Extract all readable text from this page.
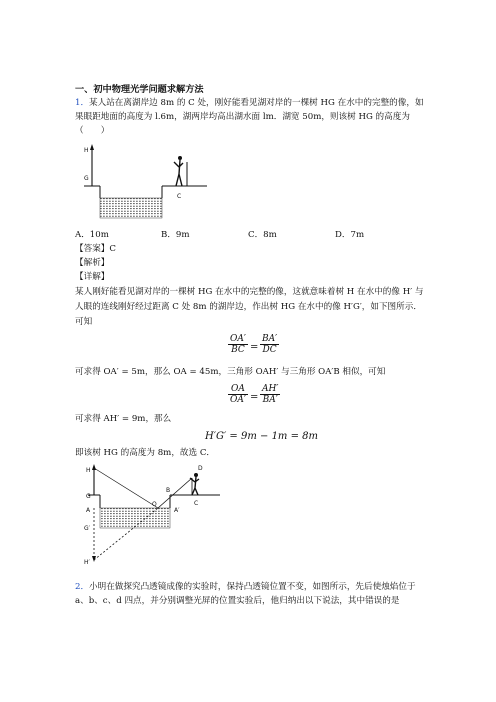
一、初中物理光学问题求解方法
1． 某人站在离湖岸边 8m 的 C 处，刚好能看见湖对岸的一棵树 HG 在水中的完整的像，如
果眼距地面的高度为 l.6m，湖两岸均高出湖水面 lm．湖宽 50m，则该树 HG 的高度为
（　　）
H
G
C
A．10m	B．9m	C．8m	D．7m
【答案】C
【解析】
【详解】
某人刚好能看见湖对岸的一棵树 HG 在水中的完整的像，这就意味着树 H 在水中的像 H′ 与
人眼的连线刚好经过距离 C 处 8m 的湖岸边，作出树 HG 在水中的像 H′G′，如下图所示．
可知
$\frac{OA'}{BC} = \frac{BA'}{DC}$
可求得 OA′ = 5m，那么 OA = 45m，三角形 OAH′ 与三角形 OA′B 相似，可知
$\frac{OA}{OA'} = \frac{AH'}{BA'}$
可求得 AH′ = 9m，那么
H′G′ = 9m − 1m = 8m
即该树 HG 的高度为 8m，故选 C．
H
G
A
G′
H′
O
B
A′
C
D
2． 小明在做探究凸透镜成像的实验时，保持凸透镜位置不变，如图所示，先后使烛焰位于
a、b、c、d 四点，并分别调整光屏的位置实验后，他归纳出以下说法，其中错误的是
